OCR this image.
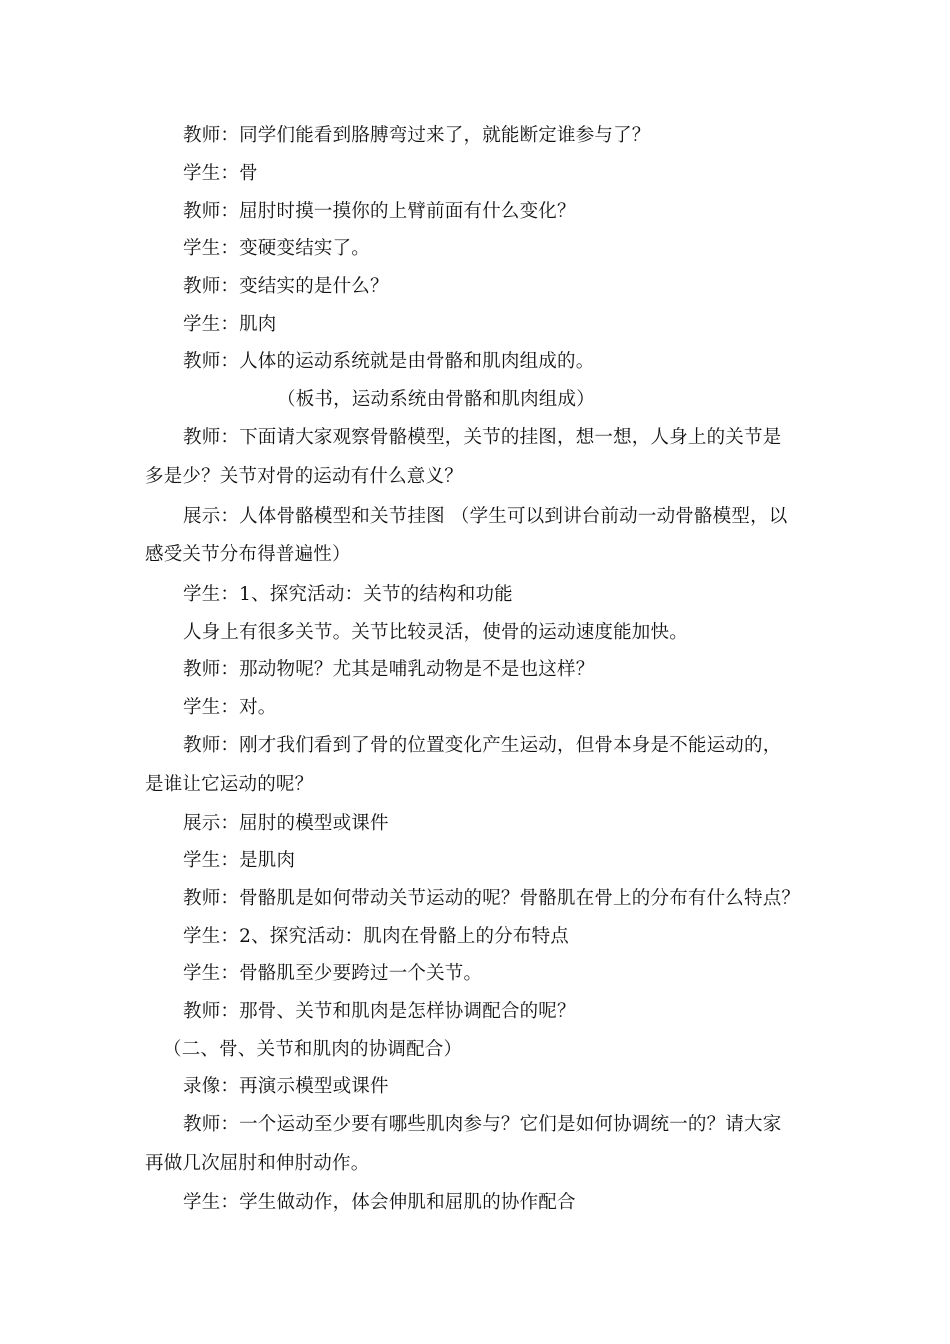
教师：同学们能看到胳膊弯过来了，就能断定谁参与了？
学生：骨
教师：屈肘时摸一摸你的上臂前面有什么变化？
学生：变硬变结实了。
教师：变结实的是什么？
学生：肌肉
教师：人体的运动系统就是由骨骼和肌肉组成的。
（板书，运动系统由骨骼和肌肉组成）
教师：下面请大家观察骨骼模型，关节的挂图，想一想，人身上的关节是
多是少？关节对骨的运动有什么意义？
展示：人体骨骼模型和关节挂图 （学生可以到讲台前动一动骨骼模型，以
感受关节分布得普遍性）
学生：1、探究活动：关节的结构和功能
人身上有很多关节。关节比较灵活，使骨的运动速度能加快。
教师：那动物呢？尤其是哺乳动物是不是也这样？
学生：对。
教师：刚才我们看到了骨的位置变化产生运动，但骨本身是不能运动的，
是谁让它运动的呢？
展示：屈肘的模型或课件
学生：是肌肉
教师：骨骼肌是如何带动关节运动的呢？骨骼肌在骨上的分布有什么特点？
学生：2、探究活动：肌肉在骨骼上的分布特点
学生：骨骼肌至少要跨过一个关节。
教师：那骨、关节和肌肉是怎样协调配合的呢？
（二、骨、关节和肌肉的协调配合）
录像：再演示模型或课件
教师：一个运动至少要有哪些肌肉参与？它们是如何协调统一的？请大家
再做几次屈肘和伸肘动作。
学生：学生做动作，体会伸肌和屈肌的协作配合
